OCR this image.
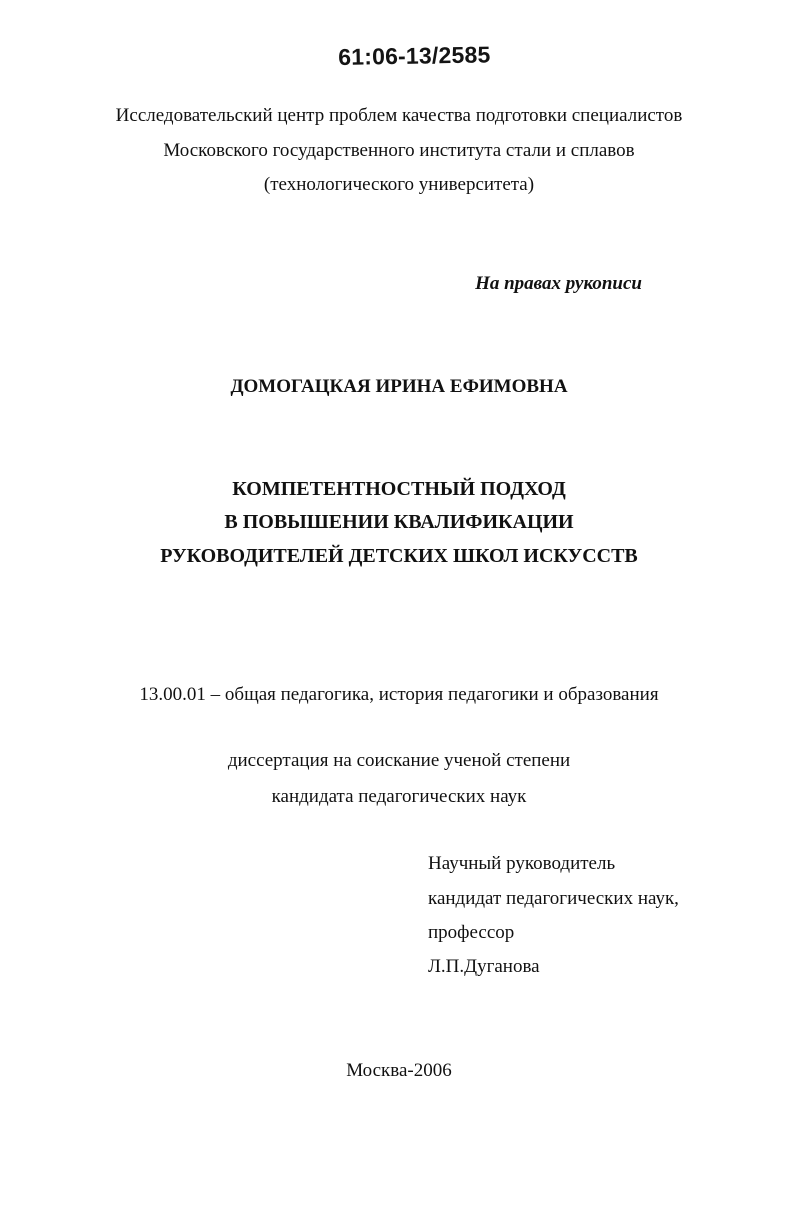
61:06-13/2585
Исследовательский центр проблем качества подготовки специалистов
Московского государственного института стали и сплавов
(технологического университета)
На правах рукописи
ДОМОГАЦКАЯ ИРИНА ЕФИМОВНА
КОМПЕТЕНТНОСТНЫЙ ПОДХОД
В ПОВЫШЕНИИ КВАЛИФИКАЦИИ
РУКОВОДИТЕЛЕЙ ДЕТСКИХ ШКОЛ ИСКУССТВ
13.00.01 – общая педагогика, история педагогики и образования
диссертация на соискание ученой степени
кандидата педагогических наук
Научный руководитель
кандидат педагогических наук,
профессор
Л.П.Дуганова
Москва-2006
